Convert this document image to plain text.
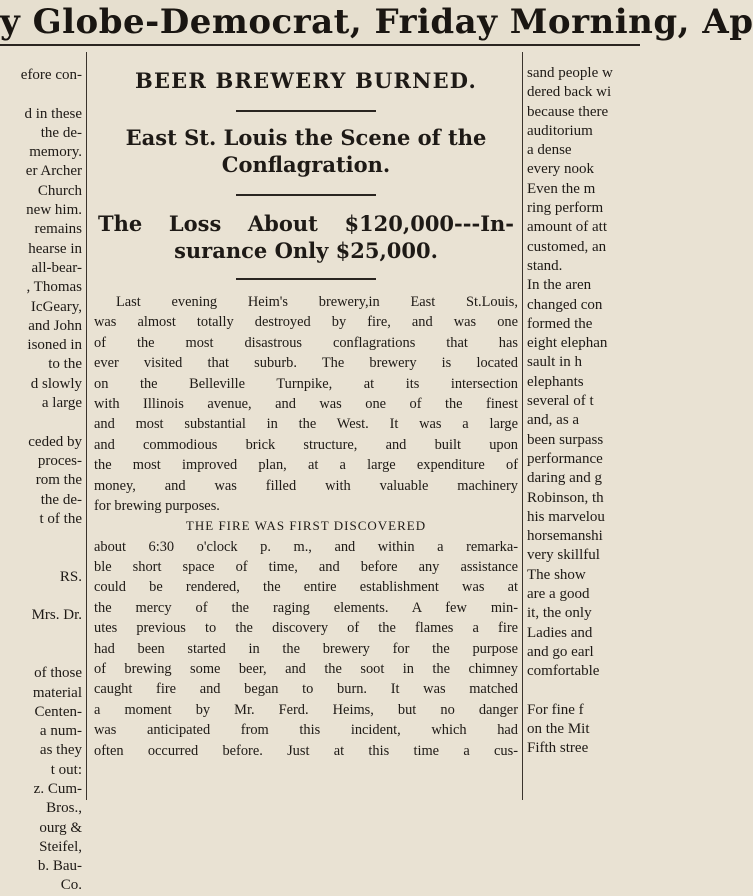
y Globe-Democrat, Friday Morning, Ap
efore con-
d in these
the de-
memory.
er Archer
Church
new him.
remains
hearse in
all-bear-
, Thomas
IcGeary,
and John
isoned in
to the
d slowly
a large
ceded by
proces-
rom the
the de-
t of the
RS.
Mrs. Dr.
of those
material
Centen-
a num-
as they
t out:
z. Cum-
Bros.,
ourg &
Steifel,
b. Bau-
Co.
BEER BREWERY BURNED.
East St. Louis the Scene of the
Conflagration.
The Loss About $120,000---In-
surance Only $25,000.
Last evening Heim's brewery,in East St.Louis,
was almost totally destroyed by fire, and was one
of the most disastrous conflagrations that has
ever visited that suburb. The brewery is located
on the Belleville Turnpike, at its intersection
with Illinois avenue, and was one of the finest
and most substantial in the West. It was a large
and commodious brick structure, and built upon
the most improved plan, at a large expenditure of
money, and was filled with valuable machinery
for brewing purposes.
THE FIRE WAS FIRST DISCOVERED
about 6:30 o'clock p. m., and within a remarka-
ble short space of time, and before any assistance
could be rendered, the entire establishment was at
the mercy of the raging elements. A few min-
utes previous to the discovery of the flames a fire
had been started in the brewery for the purpose
of brewing some beer, and the soot in the chimney
caught fire and began to burn. It was matched
a moment by Mr. Ferd. Heims, but no danger
was anticipated from this incident, which had
often occurred before. Just at this time a cus-
sand people w
dered back wi
because there
auditorium
a dense
every nook
Even the m
ring perform
amount of att
customed, an
stand.
In the aren
changed con
formed the
eight elephan
sault in h
elephants
several of t
and, as a
been surpass
performance
daring and g
Robinson, th
his marvelou
horsemanshi
very skillful
The show
are a good
it, the only
Ladies and
and go earl
comfortable
For fine f
on the Mit
Fifth stree
